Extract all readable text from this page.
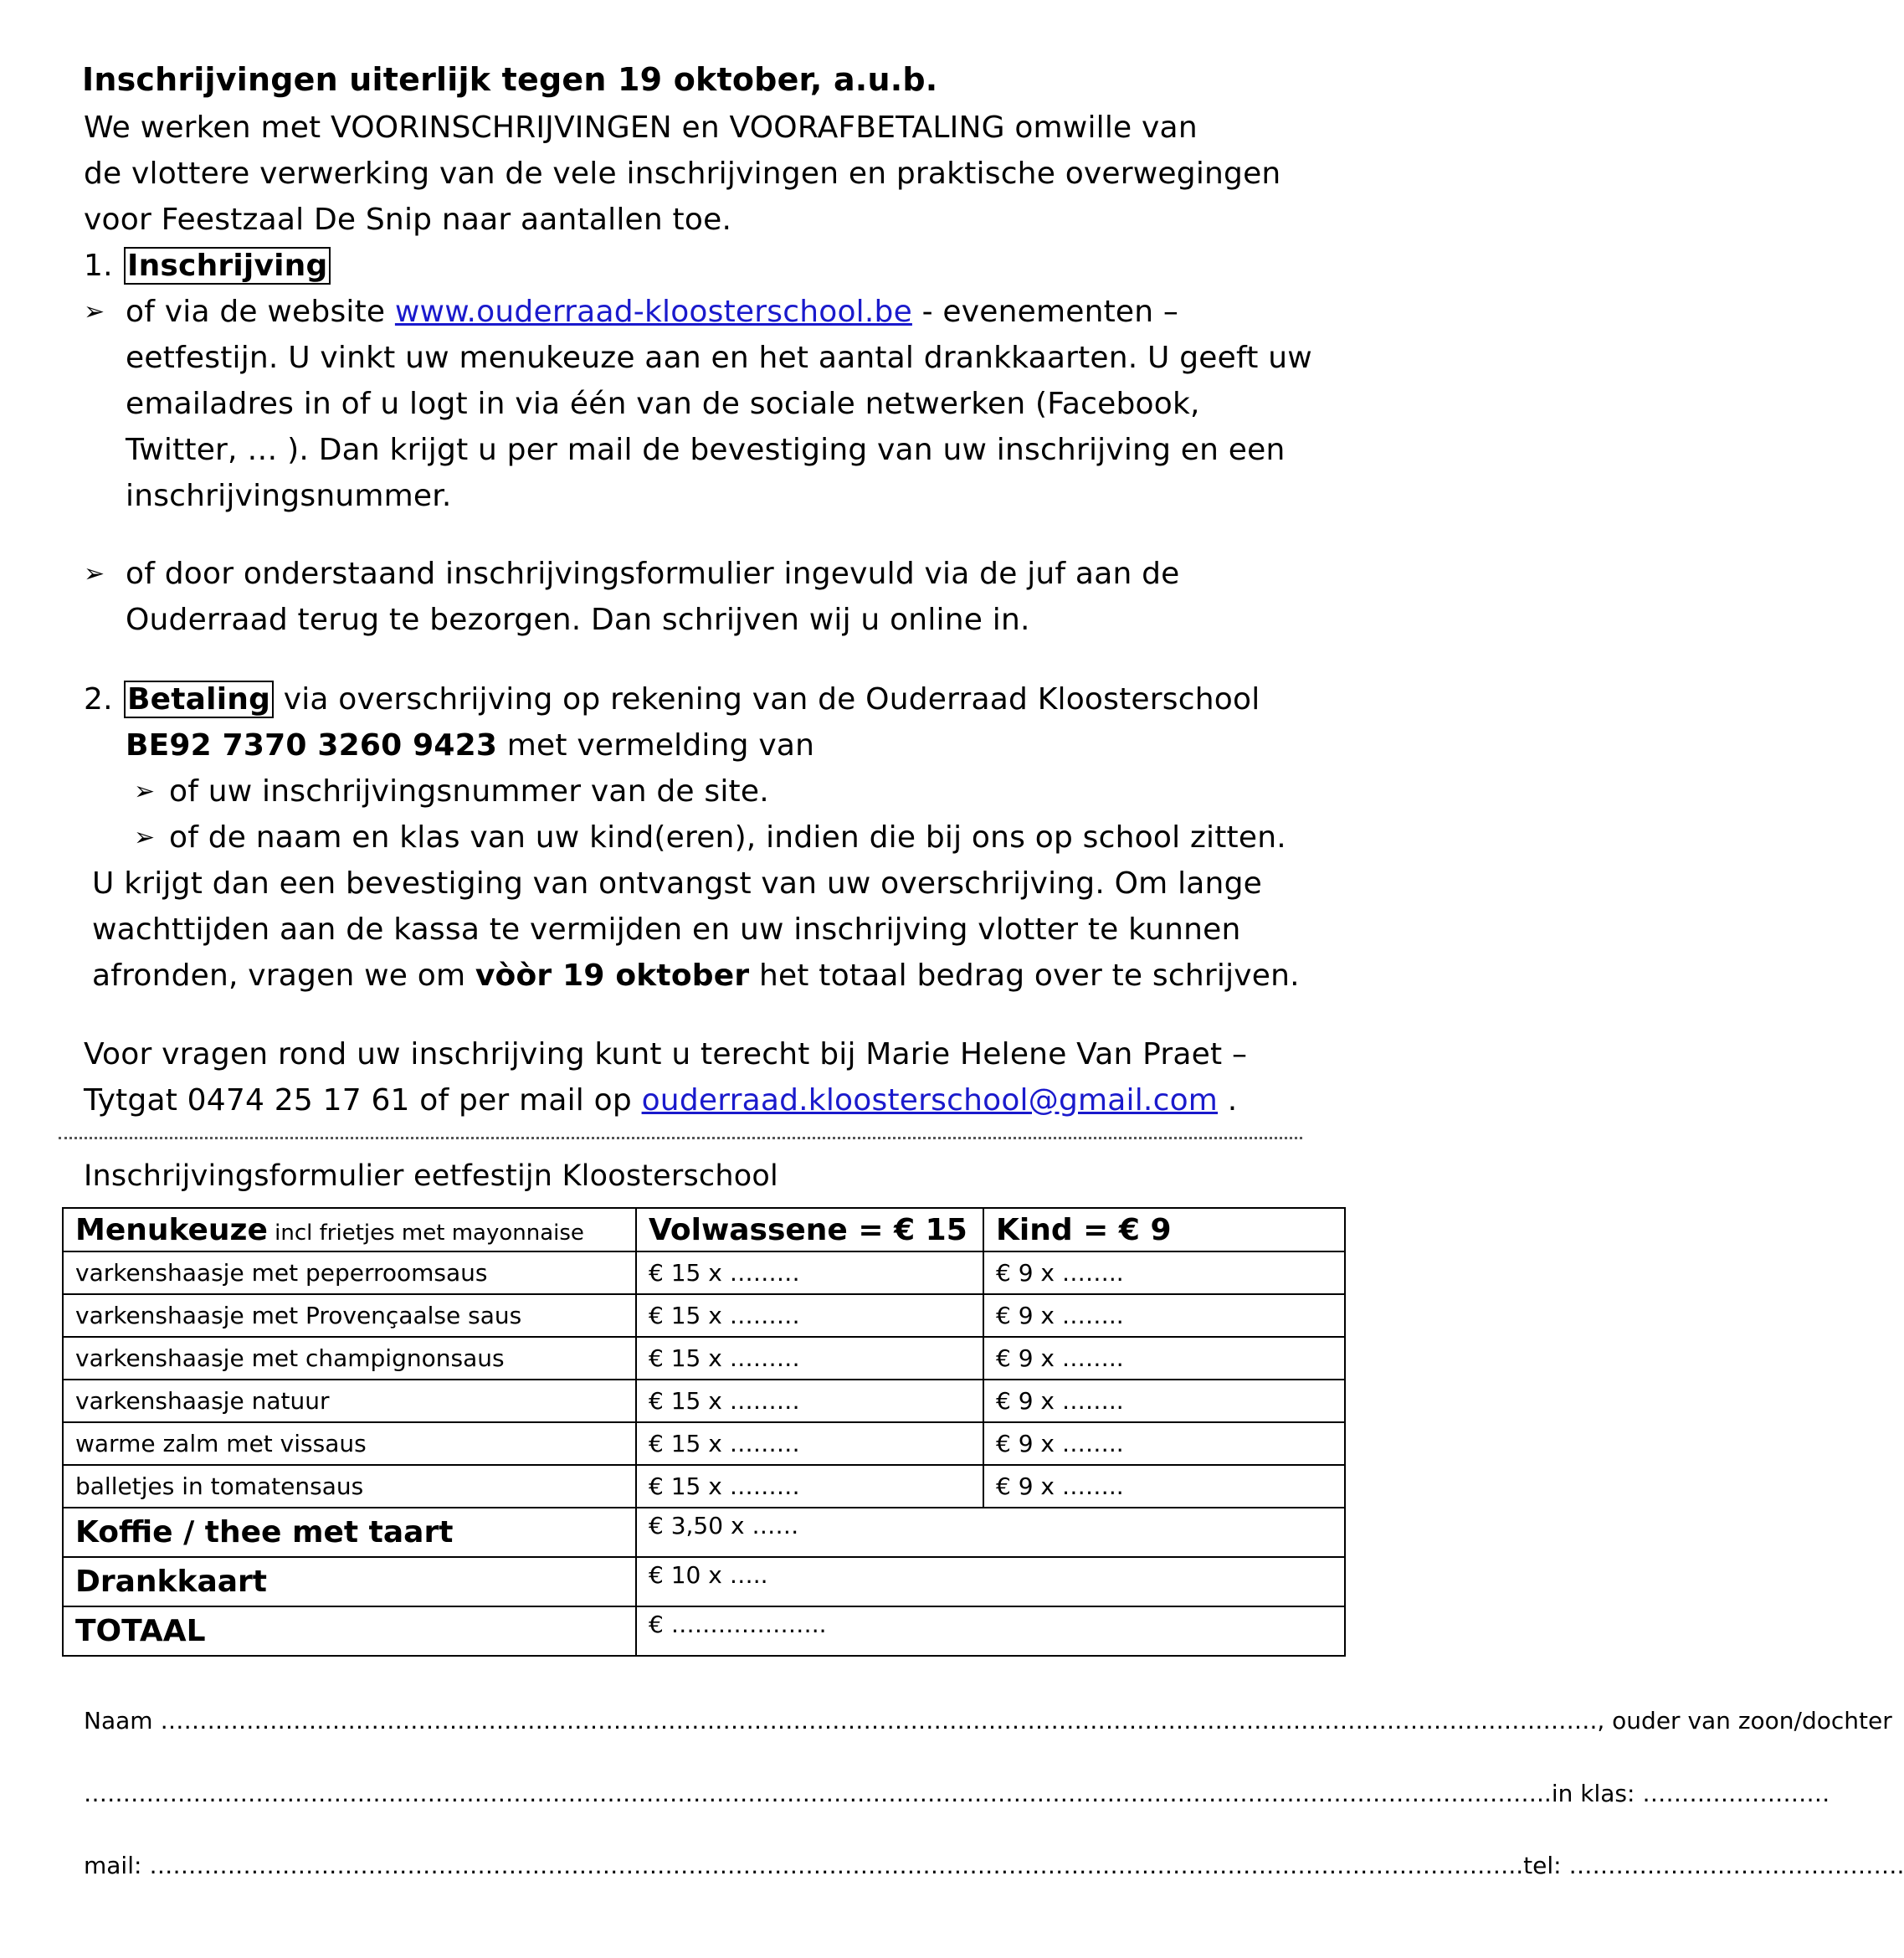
Inschrijvingen uiterlijk tegen 19 oktober, a.u.b.
We werken met VOORINSCHRIJVINGEN en VOORAFBETALING omwille van
de vlottere verwerking van de vele inschrijvingen en praktische overwegingen
voor Feestzaal De Snip naar aantallen toe.
1. Inschrijving
➢ of via de website www.ouderraad-kloosterschool.be - evenementen –
eetfestijn. U vinkt uw menukeuze aan en het aantal drankkaarten. U geeft uw
emailadres in of u logt in via één van de sociale netwerken (Facebook,
Twitter, … ). Dan krijgt u per mail de bevestiging van uw inschrijving en een
inschrijvingsnummer.
➢ of door onderstaand inschrijvingsformulier ingevuld via de juf aan de
Ouderraad terug te bezorgen. Dan schrijven wij u online in.
2. Betaling via overschrijving op rekening van de Ouderraad Kloosterschool
BE92 7370 3260 9423 met vermelding van
➢ of uw inschrijvingsnummer van de site.
➢ of de naam en klas van uw kind(eren), indien die bij ons op school zitten.
U krijgt dan een bevestiging van ontvangst van uw overschrijving. Om lange
wachttijden aan de kassa te vermijden en uw inschrijving vlotter te kunnen
afronden, vragen we om vòòr 19 oktober het totaal bedrag over te schrijven.
Voor vragen rond uw inschrijving kunt u terecht bij Marie Helene Van Praet –
Tytgat 0474 25 17 61 of per mail op ouderraad.kloosterschool@gmail.com .
Inschrijvingsformulier eetfestijn Kloosterschool
Menukeuze incl frietjes met mayonnaise	Volwassene = € 15	Kind = € 9
varkenshaasje met peperroomsaus	€ 15 x ………	€ 9 x ……..
varkenshaasje met Provençaalse saus	€ 15 x ………	€ 9 x ……..
varkenshaasje met champignonsaus	€ 15 x ………	€ 9 x ……..
varkenshaasje natuur	€ 15 x ………	€ 9 x ……..
warme zalm met vissaus	€ 15 x ………	€ 9 x ……..
balletjes in tomatensaus	€ 15 x ………	€ 9 x ……..
Koffie / thee met taart	€ 3,50 x ……	
Drankkaart	€ 10 x …..	
TOTAAL	€ ………………..	
Naam …………………………………………………………………………………………………………………………………………………………………., ouder van zoon/dochter
……………………………………………………………………………………………………………………………………………………………………..in klas: ……………………
mail: …………………………………………………………………………………………………………………………………………………………..tel: …………………………………….
